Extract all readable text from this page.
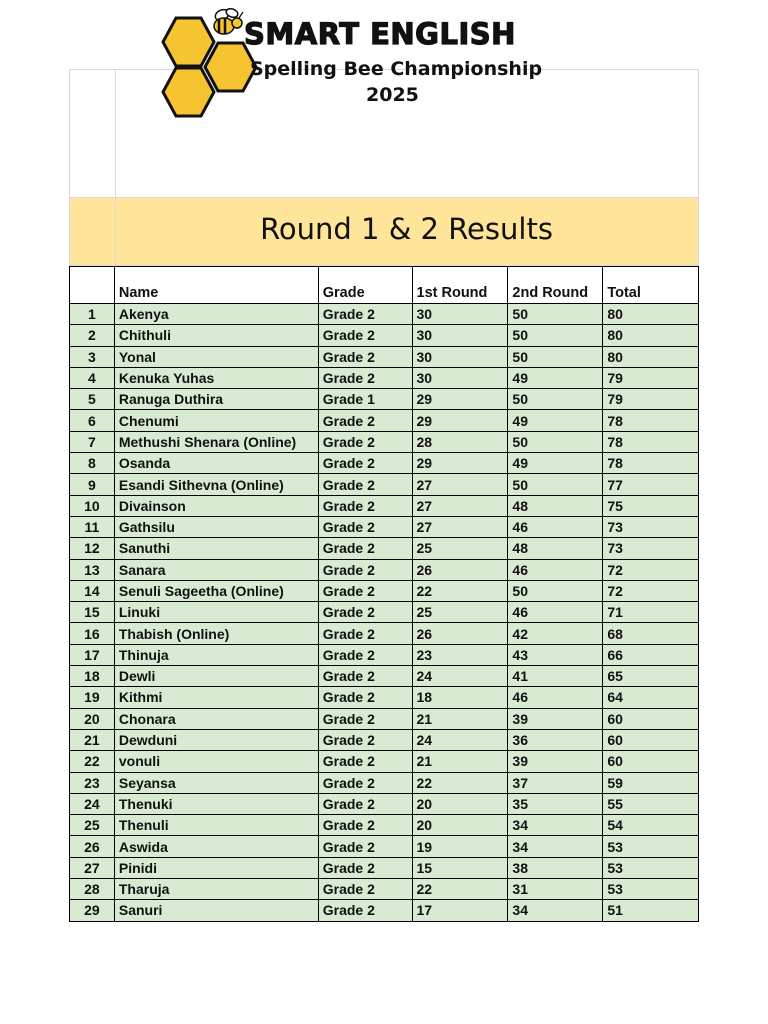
SMART ENGLISH
Spelling Bee Championship
2025
Round 1 & 2 Results
	Name	Grade	1st Round	2nd Round	Total
1	Akenya	Grade 2	30	50	80
2	Chithuli	Grade 2	30	50	80
3	Yonal	Grade 2	30	50	80
4	Kenuka Yuhas	Grade 2	30	49	79
5	Ranuga Duthira	Grade 1	29	50	79
6	Chenumi	Grade 2	29	49	78
7	Methushi Shenara (Online)	Grade 2	28	50	78
8	Osanda	Grade 2	29	49	78
9	Esandi Sithevna (Online)	Grade 2	27	50	77
10	Divainson	Grade 2	27	48	75
11	Gathsilu	Grade 2	27	46	73
12	Sanuthi	Grade 2	25	48	73
13	Sanara	Grade 2	26	46	72
14	Senuli Sageetha (Online)	Grade 2	22	50	72
15	Linuki	Grade 2	25	46	71
16	Thabish (Online)	Grade 2	26	42	68
17	Thinuja	Grade 2	23	43	66
18	Dewli	Grade 2	24	41	65
19	Kithmi	Grade 2	18	46	64
20	Chonara	Grade 2	21	39	60
21	Dewduni	Grade 2	24	36	60
22	vonuli	Grade 2	21	39	60
23	Seyansa	Grade 2	22	37	59
24	Thenuki	Grade 2	20	35	55
25	Thenuli	Grade 2	20	34	54
26	Aswida	Grade 2	19	34	53
27	Pinidi	Grade 2	15	38	53
28	Tharuja	Grade 2	22	31	53
29	Sanuri	Grade 2	17	34	51
